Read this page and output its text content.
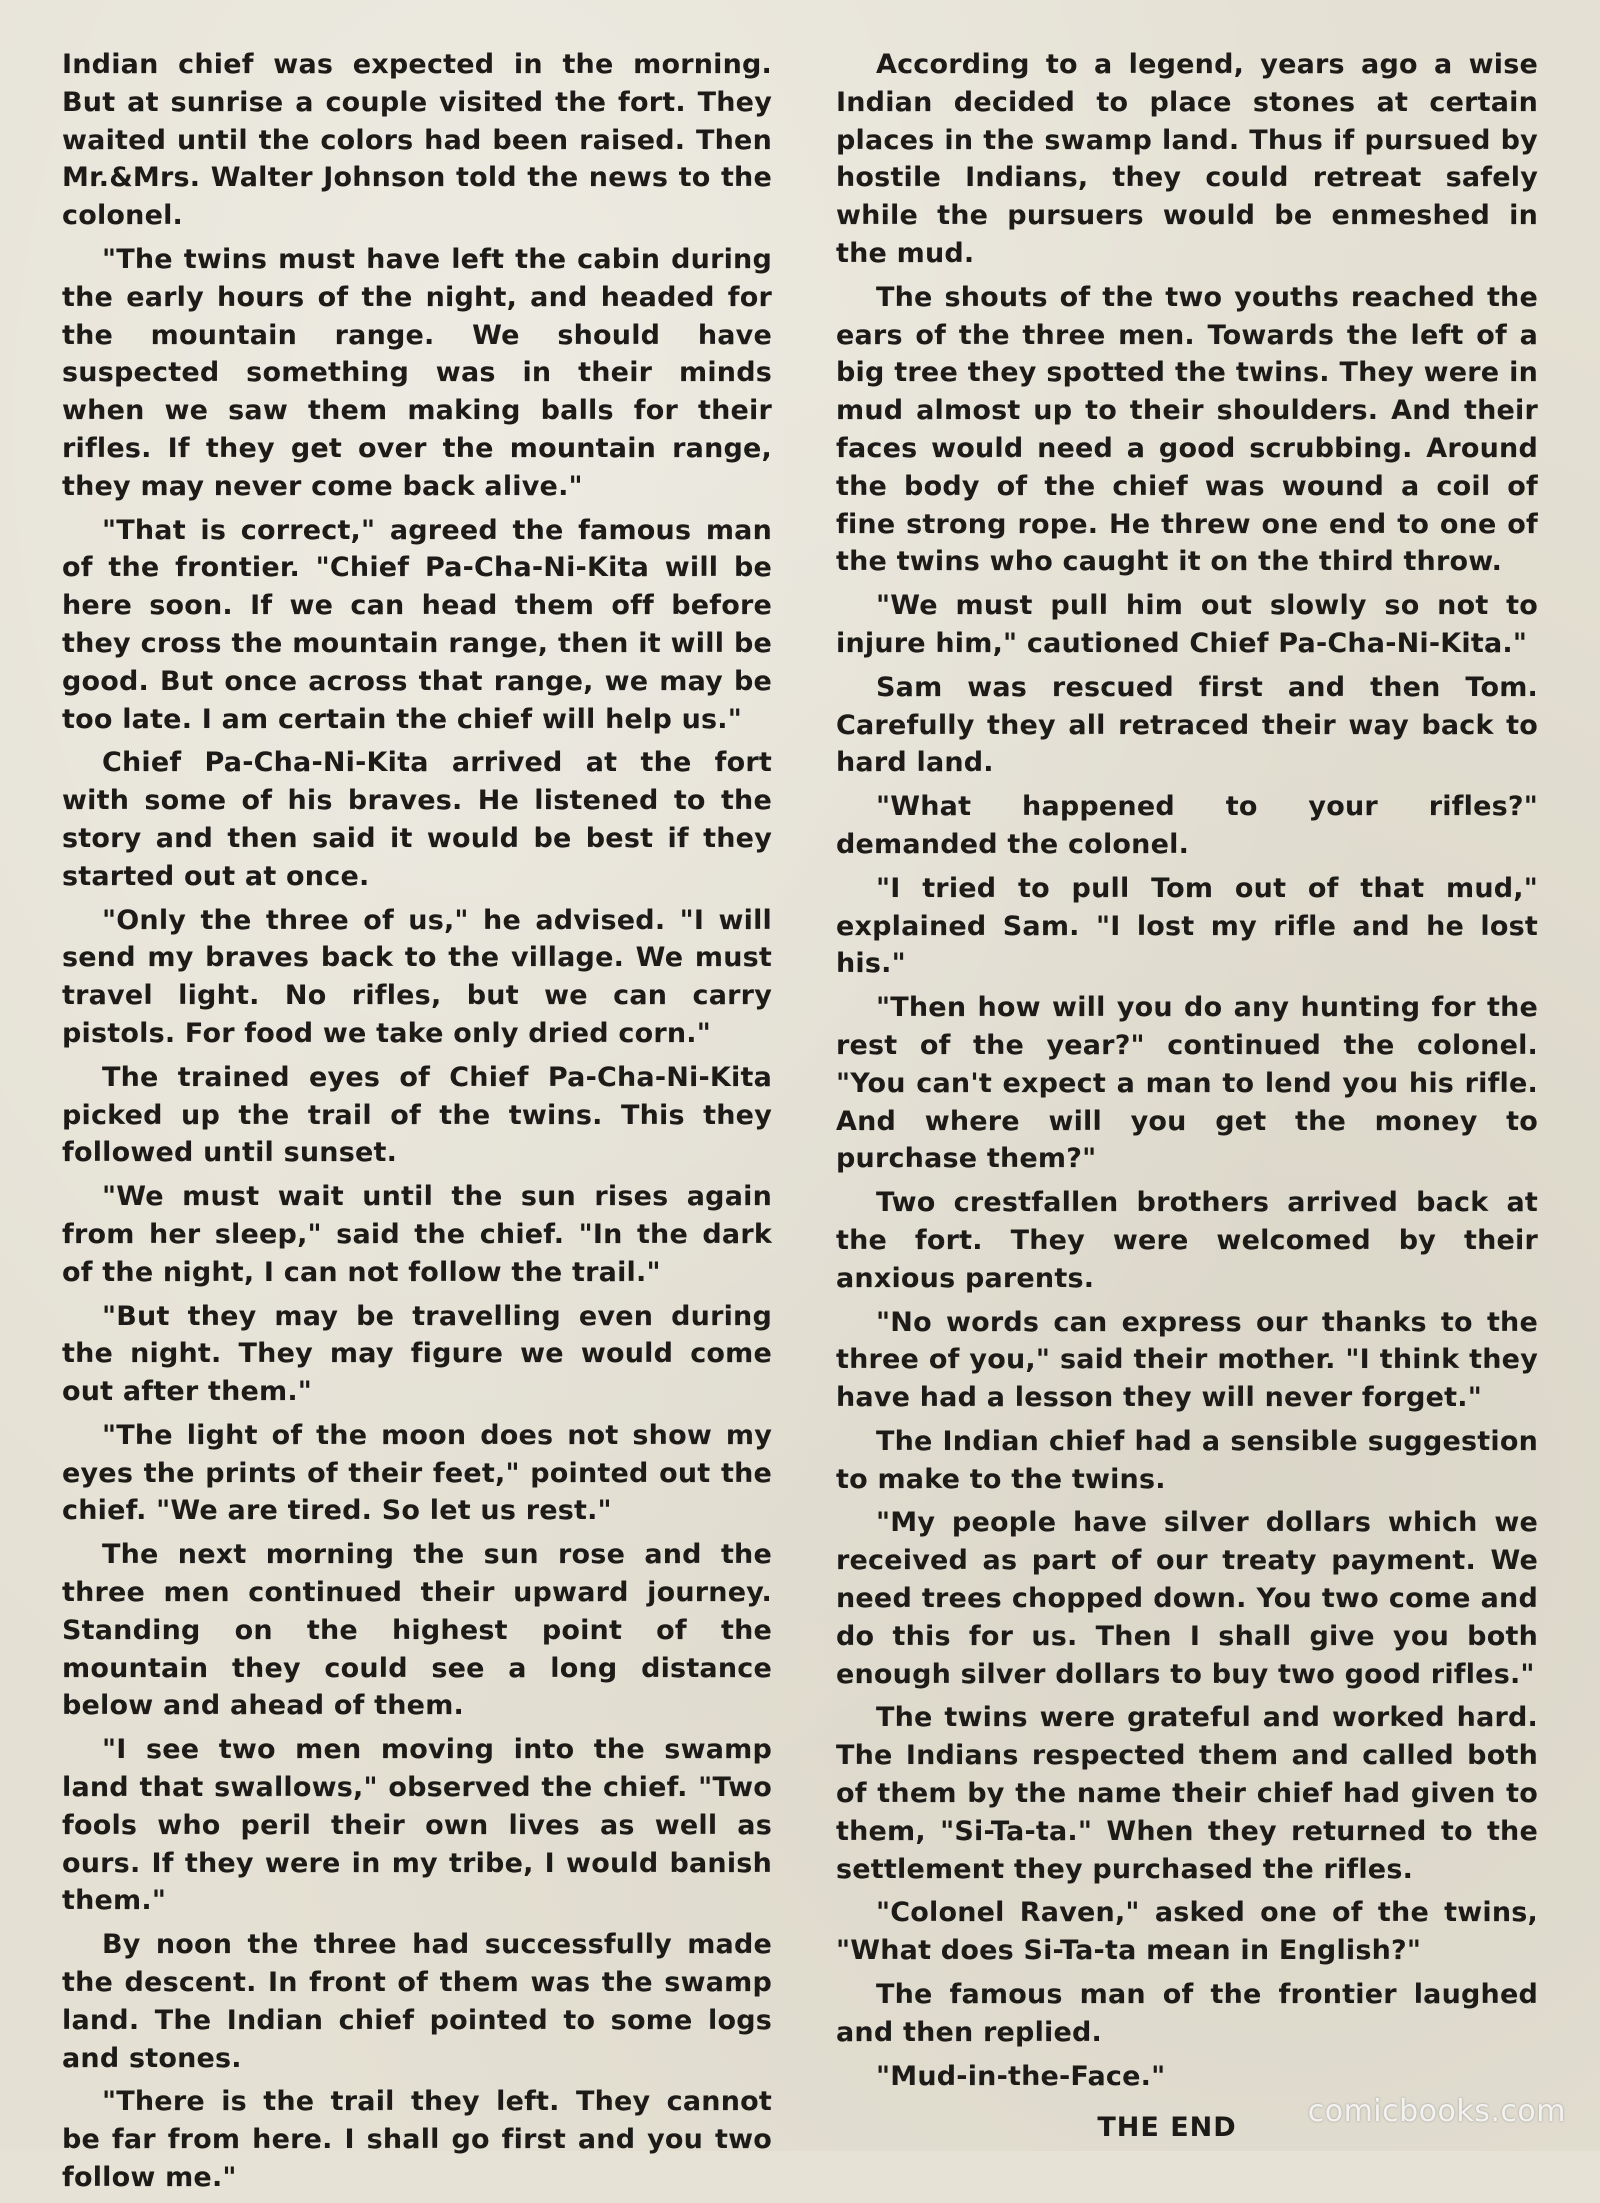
Indian chief was expected in the morning. But at sunrise a couple visited the fort. They waited until the colors had been raised. Then Mr.&Mrs. Walter Johnson told the news to the colonel.

"The twins must have left the cabin during the early hours of the night, and headed for the mountain range. We should have suspected something was in their minds when we saw them making balls for their rifles. If they get over the mountain range, they may never come back alive."

"That is correct," agreed the famous man of the frontier. "Chief Pa-Cha-Ni-Kita will be here soon. If we can head them off before they cross the mountain range, then it will be good. But once across that range, we may be too late. I am certain the chief will help us."

Chief Pa-Cha-Ni-Kita arrived at the fort with some of his braves. He listened to the story and then said it would be best if they started out at once.

"Only the three of us," he advised. "I will send my braves back to the village. We must travel light. No rifles, but we can carry pistols. For food we take only dried corn."

The trained eyes of Chief Pa-Cha-Ni-Kita picked up the trail of the twins. This they followed until sunset.

"We must wait until the sun rises again from her sleep," said the chief. "In the dark of the night, I can not follow the trail."

"But they may be travelling even during the night. They may figure we would come out after them."

"The light of the moon does not show my eyes the prints of their feet," pointed out the chief. "We are tired. So let us rest."

The next morning the sun rose and the three men continued their upward journey. Standing on the highest point of the mountain they could see a long distance below and ahead of them.

"I see two men moving into the swamp land that swallows," observed the chief. "Two fools who peril their own lives as well as ours. If they were in my tribe, I would banish them."

By noon the three had successfully made the descent. In front of them was the swamp land. The Indian chief pointed to some logs and stones.

"There is the trail they left. They cannot be far from here. I shall go first and you two follow me."

According to a legend, years ago a wise Indian decided to place stones at certain places in the swamp land. Thus if pursued by hostile Indians, they could retreat safely while the pursuers would be enmeshed in the mud.

The shouts of the two youths reached the ears of the three men. Towards the left of a big tree they spotted the twins. They were in mud almost up to their shoulders. And their faces would need a good scrubbing. Around the body of the chief was wound a coil of fine strong rope. He threw one end to one of the twins who caught it on the third throw.

"We must pull him out slowly so not to injure him," cautioned Chief Pa-Cha-Ni-Kita."

Sam was rescued first and then Tom. Carefully they all retraced their way back to hard land.

"What happened to your rifles?" demanded the colonel.

"I tried to pull Tom out of that mud," explained Sam. "I lost my rifle and he lost his."

"Then how will you do any hunting for the rest of the year?" continued the colonel. "You can't expect a man to lend you his rifle. And where will you get the money to purchase them?"

Two crestfallen brothers arrived back at the fort. They were welcomed by their anxious parents.

"No words can express our thanks to the three of you," said their mother. "I think they have had a lesson they will never forget."

The Indian chief had a sensible suggestion to make to the twins.

"My people have silver dollars which we received as part of our treaty payment. We need trees chopped down. You two come and do this for us. Then I shall give you both enough silver dollars to buy two good rifles."

The twins were grateful and worked hard. The Indians respected them and called both of them by the name their chief had given to them, "Si-Ta-ta." When they returned to the settlement they purchased the rifles.

"Colonel Raven," asked one of the twins, "What does Si-Ta-ta mean in English?"

The famous man of the frontier laughed and then replied.

"Mud-in-the-Face."

THE END	comicbooks.com
